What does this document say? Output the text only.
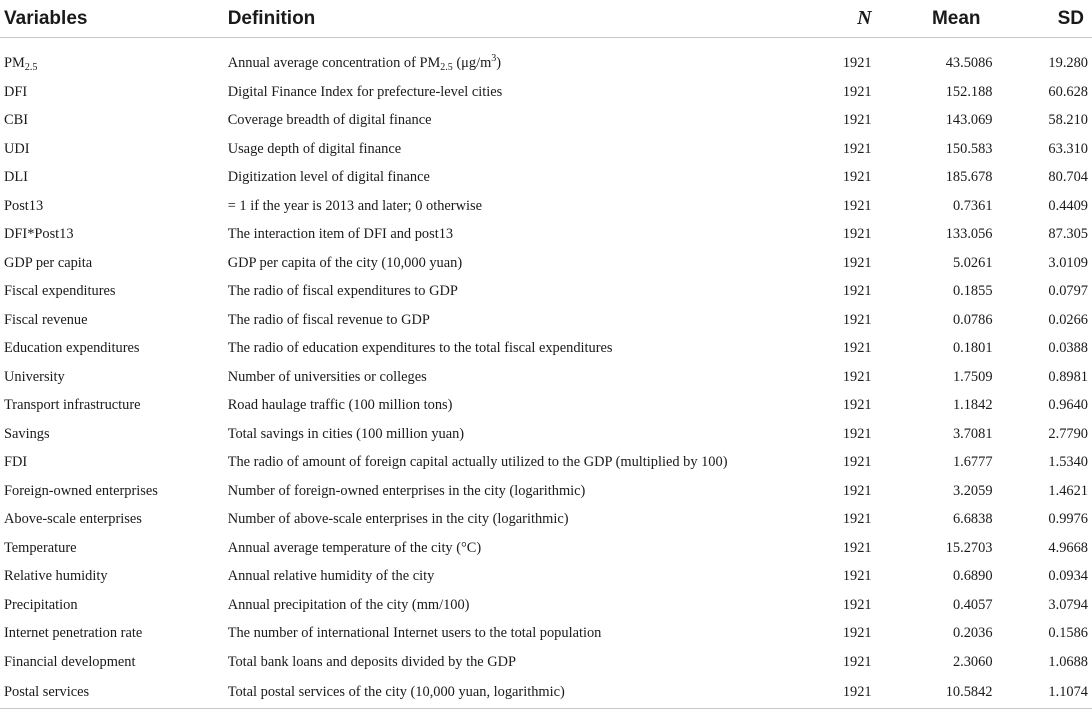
Variables	Definition	N	Mean	SD
$PM_{2.5}$	Annual average concentration of $PM_{2.5}$ $(\mu g/m^3)$	1921	43.5086	19.280
DFI	Digital Finance Index for prefecture-level cities	1921	152.188	60.628
CBI	Coverage breadth of digital finance	1921	143.069	58.210
UDI	Usage depth of digital finance	1921	150.583	63.310
DLI	Digitization level of digital finance	1921	185.678	80.704
Post13	= 1 if the year is 2013 and later; 0 otherwise	1921	0.7361	0.4409
DFI*Post13	The interaction item of DFI and post13	1921	133.056	87.305
GDP per capita	GDP per capita of the city (10,000 yuan)	1921	5.0261	3.0109
Fiscal expenditures	The radio of fiscal expenditures to GDP	1921	0.1855	0.0797
Fiscal revenue	The radio of fiscal revenue to GDP	1921	0.0786	0.0266
Education expenditures	The radio of education expenditures to the total fiscal expenditures	1921	0.1801	0.0388
University	Number of universities or colleges	1921	1.7509	0.8981
Transport infrastructure	Road haulage traffic (100 million tons)	1921	1.1842	0.9640
Savings	Total savings in cities (100 million yuan)	1921	3.7081	2.7790
FDI	The radio of amount of foreign capital actually utilized to the GDP (multiplied by 100)	1921	1.6777	1.5340
Foreign-owned enterprises	Number of foreign-owned enterprises in the city (logarithmic)	1921	3.2059	1.4621
Above-scale enterprises	Number of above-scale enterprises in the city (logarithmic)	1921	6.6838	0.9976
Temperature	Annual average temperature of the city (°C)	1921	15.2703	4.9668
Relative humidity	Annual relative humidity of the city	1921	0.6890	0.0934
Precipitation	Annual precipitation of the city (mm/100)	1921	0.4057	3.0794
Internet penetration rate	The number of international Internet users to the total population	1921	0.2036	0.1586
Financial development	Total bank loans and deposits divided by the GDP	1921	2.3060	1.0688
Postal services	Total postal services of the city (10,000 yuan, logarithmic)	1921	10.5842	1.1074
